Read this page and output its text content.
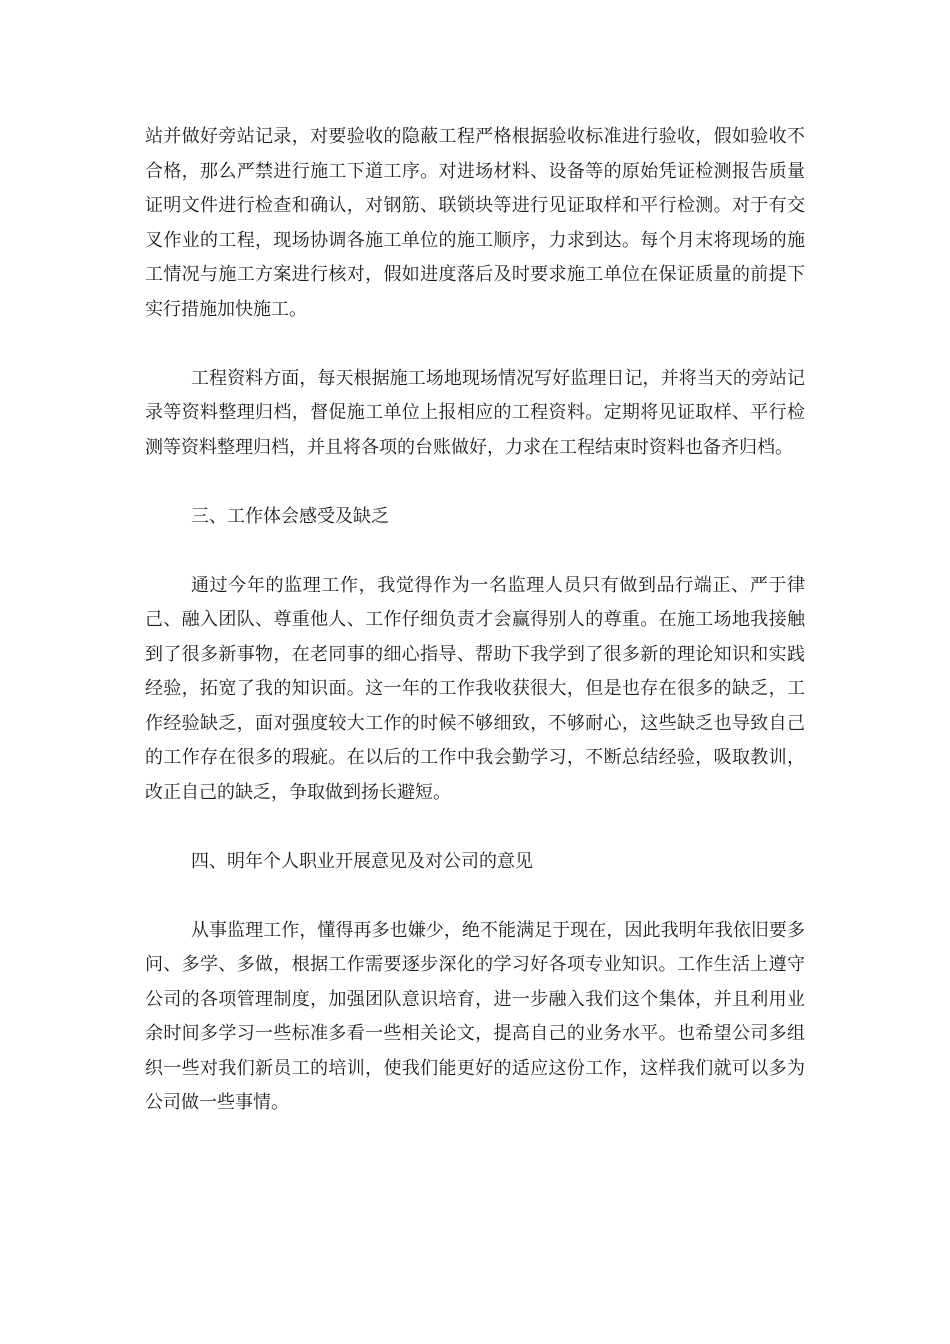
站并做好旁站记录，对要验收的隐蔽工程严格根据验收标准进行验收，假如验收不合格，那么严禁进行施工下道工序。对进场材料、设备等的原始凭证检测报告质量证明文件进行检查和确认，对钢筋、联锁块等进行见证取样和平行检测。对于有交叉作业的工程，现场协调各施工单位的施工顺序，力求到达。每个月末将现场的施工情况与施工方案进行核对，假如进度落后及时要求施工单位在保证质量的前提下实行措施加快施工。

工程资料方面，每天根据施工场地现场情况写好监理日记，并将当天的旁站记录等资料整理归档，督促施工单位上报相应的工程资料。定期将见证取样、平行检测等资料整理归档，并且将各项的台账做好，力求在工程结束时资料也备齐归档。

三、工作体会感受及缺乏

通过今年的监理工作，我觉得作为一名监理人员只有做到品行端正、严于律己、融入团队、尊重他人、工作仔细负责才会赢得别人的尊重。在施工场地我接触到了很多新事物，在老同事的细心指导、帮助下我学到了很多新的理论知识和实践经验，拓宽了我的知识面。这一年的工作我收获很大，但是也存在很多的缺乏，工作经验缺乏，面对强度较大工作的时候不够细致，不够耐心，这些缺乏也导致自己的工作存在很多的瑕疵。在以后的工作中我会勤学习，不断总结经验，吸取教训，改正自己的缺乏，争取做到扬长避短。

四、明年个人职业开展意见及对公司的意见

从事监理工作，懂得再多也嫌少，绝不能满足于现在，因此我明年我依旧要多问、多学、多做，根据工作需要逐步深化的学习好各项专业知识。工作生活上遵守公司的各项管理制度，加强团队意识培育，进一步融入我们这个集体，并且利用业余时间多学习一些标准多看一些相关论文，提高自己的业务水平。也希望公司多组织一些对我们新员工的培训，使我们能更好的适应这份工作，这样我们就可以多为公司做一些事情。
